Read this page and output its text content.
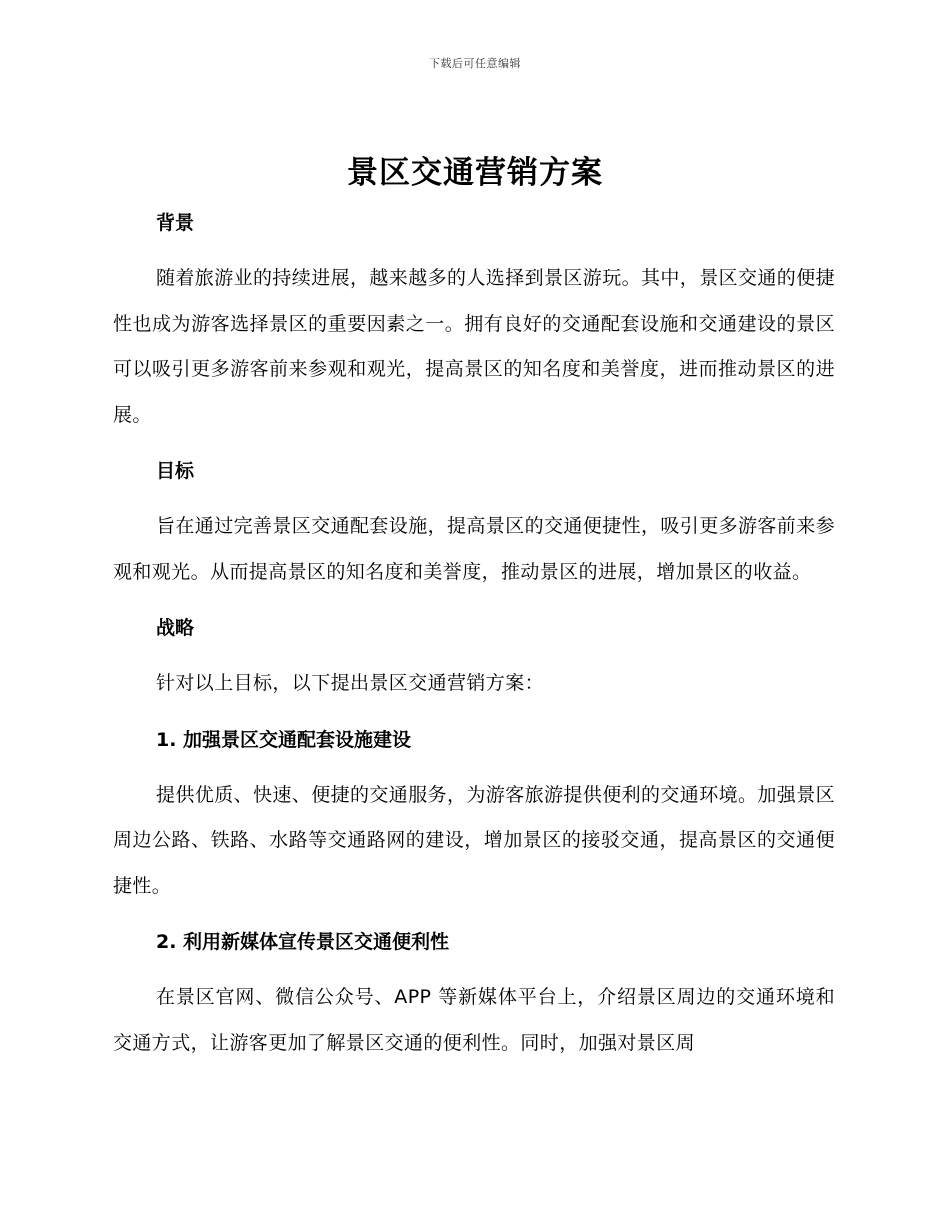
下载后可任意编辑
景区交通营销方案

背景

随着旅游业的持续进展，越来越多的人选择到景区游玩。其中，景区交通的便捷性也成为游客选择景区的重要因素之一。拥有良好的交通配套设施和交通建设的景区可以吸引更多游客前来参观和观光，提高景区的知名度和美誉度，进而推动景区的进展。

目标

旨在通过完善景区交通配套设施，提高景区的交通便捷性，吸引更多游客前来参观和观光。从而提高景区的知名度和美誉度，推动景区的进展，增加景区的收益。

战略

针对以上目标，以下提出景区交通营销方案：

1. 加强景区交通配套设施建设

提供优质、快速、便捷的交通服务，为游客旅游提供便利的交通环境。加强景区周边公路、铁路、水路等交通路网的建设，增加景区的接驳交通，提高景区的交通便捷性。

2. 利用新媒体宣传景区交通便利性

在景区官网、微信公众号、APP 等新媒体平台上，介绍景区周边的交通环境和交通方式，让游客更加了解景区交通的便利性。同时，加强对景区周
